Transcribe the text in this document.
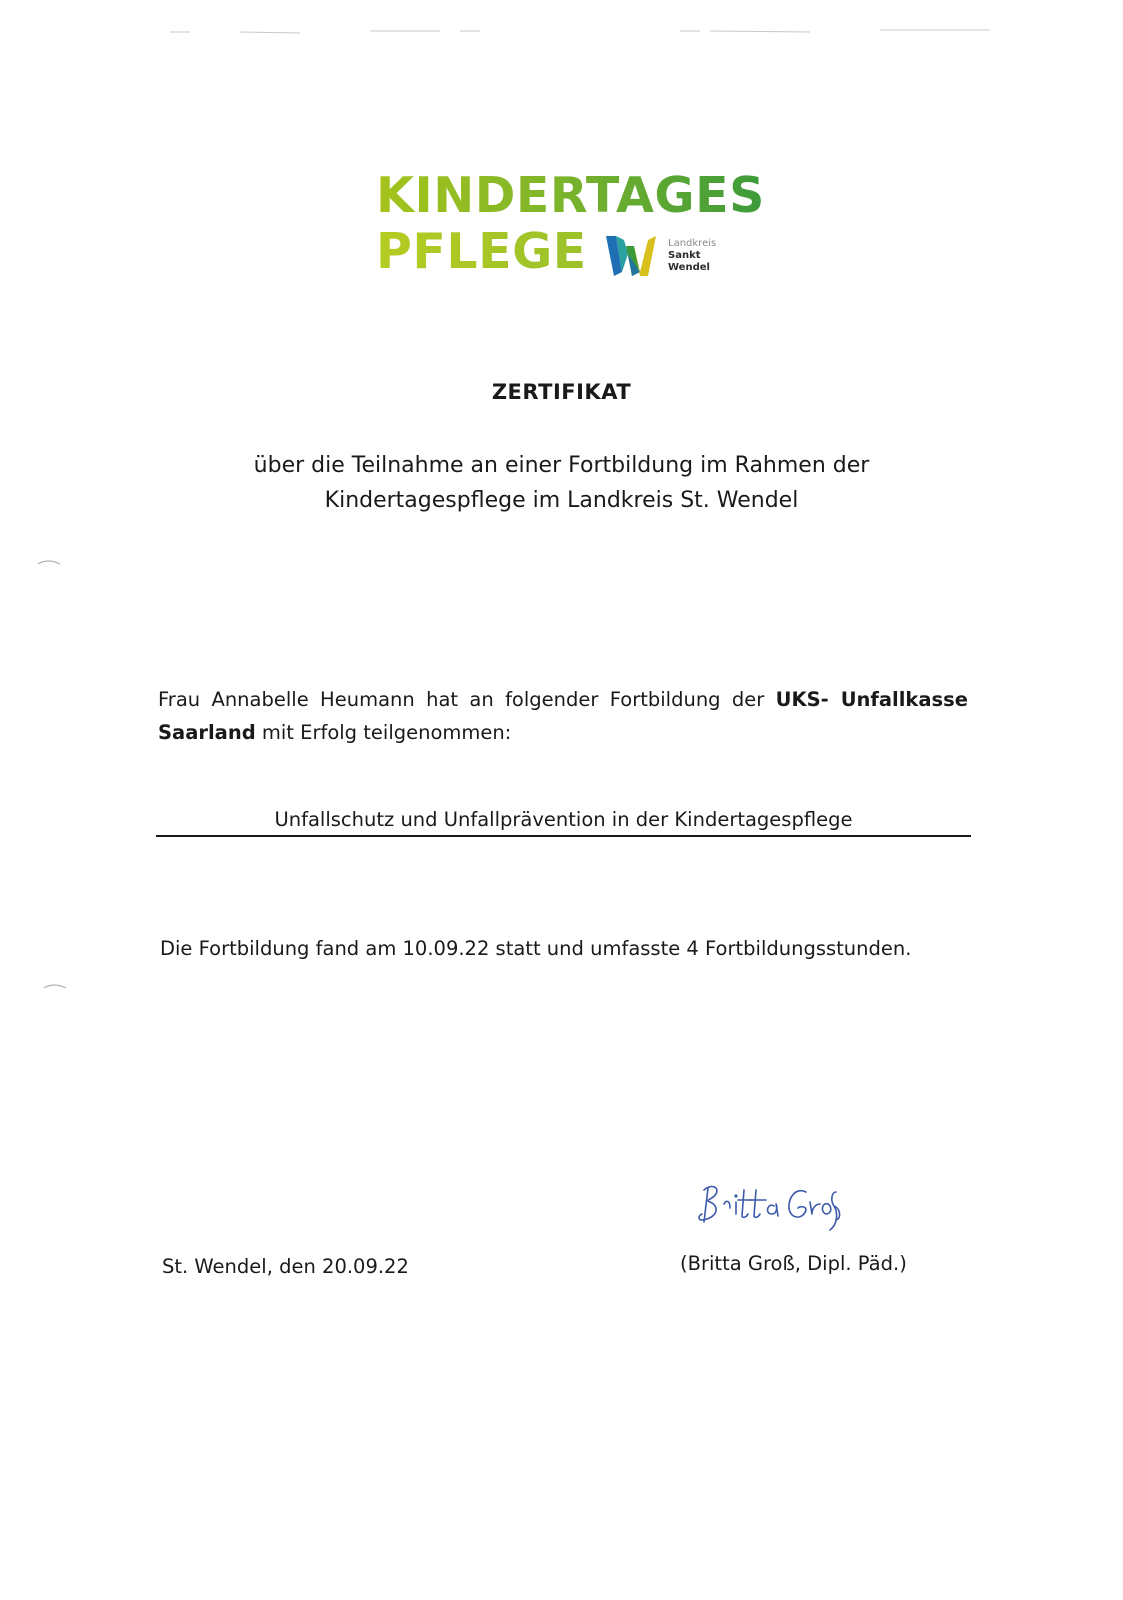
KINDERTAGES
PFLEGE	Landkreis
Sankt
Wendel
ZERTIFIKAT
über die Teilnahme an einer Fortbildung im Rahmen der
Kindertagespflege im Landkreis St. Wendel
Frau Annabelle Heumann hat an folgender Fortbildung der UKS- Unfallkasse Saarland mit Erfolg teilgenommen:
Unfallschutz und Unfallprävention in der Kindertagespflege
Die Fortbildung fand am 10.09.22 statt und umfasste 4 Fortbildungsstunden.
St. Wendel, den 20.09.22	(Britta Groß, Dipl. Päd.)
